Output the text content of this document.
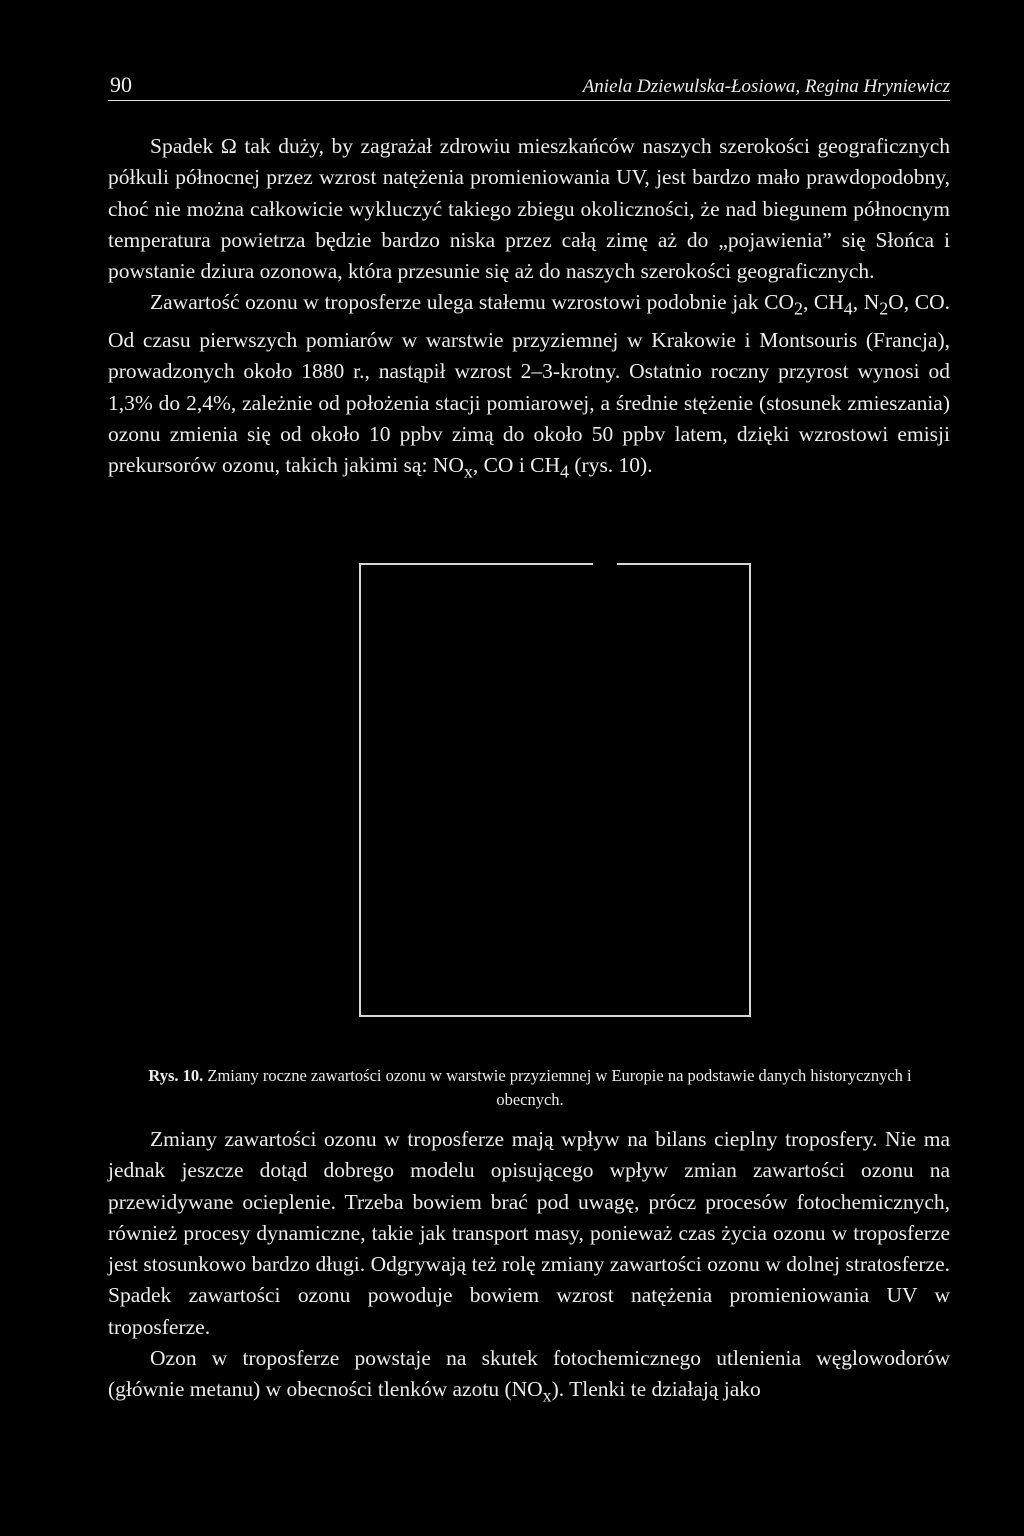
90	Aniela Dziewulska-Łosiowa, Regina Hryniewicz

Spadek Ω tak duży, by zagrażał zdrowiu mieszkańców naszych szerokości geograficznych półkuli północnej przez wzrost natężenia promieniowania UV, jest bardzo mało prawdopodobny, choć nie można całkowicie wykluczyć takiego zbiegu okoliczności, że nad biegunem północnym temperatura powietrza będzie bardzo niska przez całą zimę aż do „pojawienia” się Słońca i powstanie dziura ozonowa, która przesunie się aż do naszych szerokości geograficznych.

Zawartość ozonu w troposferze ulega stałemu wzrostowi podobnie jak $CO_2$, $CH_4$, $N_2O$, CO. Od czasu pierwszych pomiarów w warstwie przyziemnej w Krakowie i Montsouris (Francja), prowadzonych około 1880 r., nastąpił wzrost 2–3-krotny. Ostatnio roczny przyrost wynosi od 1,3% do 2,4%, zależnie od położenia stacji pomiarowej, a średnie stężenie (stosunek zmieszania) ozonu zmienia się od około 10 ppbv zimą do około 50 ppbv latem, dzięki wzrostowi emisji prekursorów ozonu, takich jakimi są: $NO_x$, CO i $CH_4$ (rys. 10).

Rys. 10. Zmiany roczne zawartości ozonu w warstwie przyziemnej w Europie na podstawie danych historycznych i obecnych.

Zmiany zawartości ozonu w troposferze mają wpływ na bilans cieplny troposfery. Nie ma jednak jeszcze dotąd dobrego modelu opisującego wpływ zmian zawartości ozonu na przewidywane ocieplenie. Trzeba bowiem brać pod uwagę, prócz procesów fotochemicznych, również procesy dynamiczne, takie jak transport masy, ponieważ czas życia ozonu w troposferze jest stosunkowo bardzo długi. Odgrywają też rolę zmiany zawartości ozonu w dolnej stratosferze. Spadek zawartości ozonu powoduje bowiem wzrost natężenia promieniowania UV w troposferze.

Ozon w troposferze powstaje na skutek fotochemicznego utlenienia węglowodorów (głównie metanu) w obecności tlenków azotu $(NO_x)$. Tlenki te działają jako
